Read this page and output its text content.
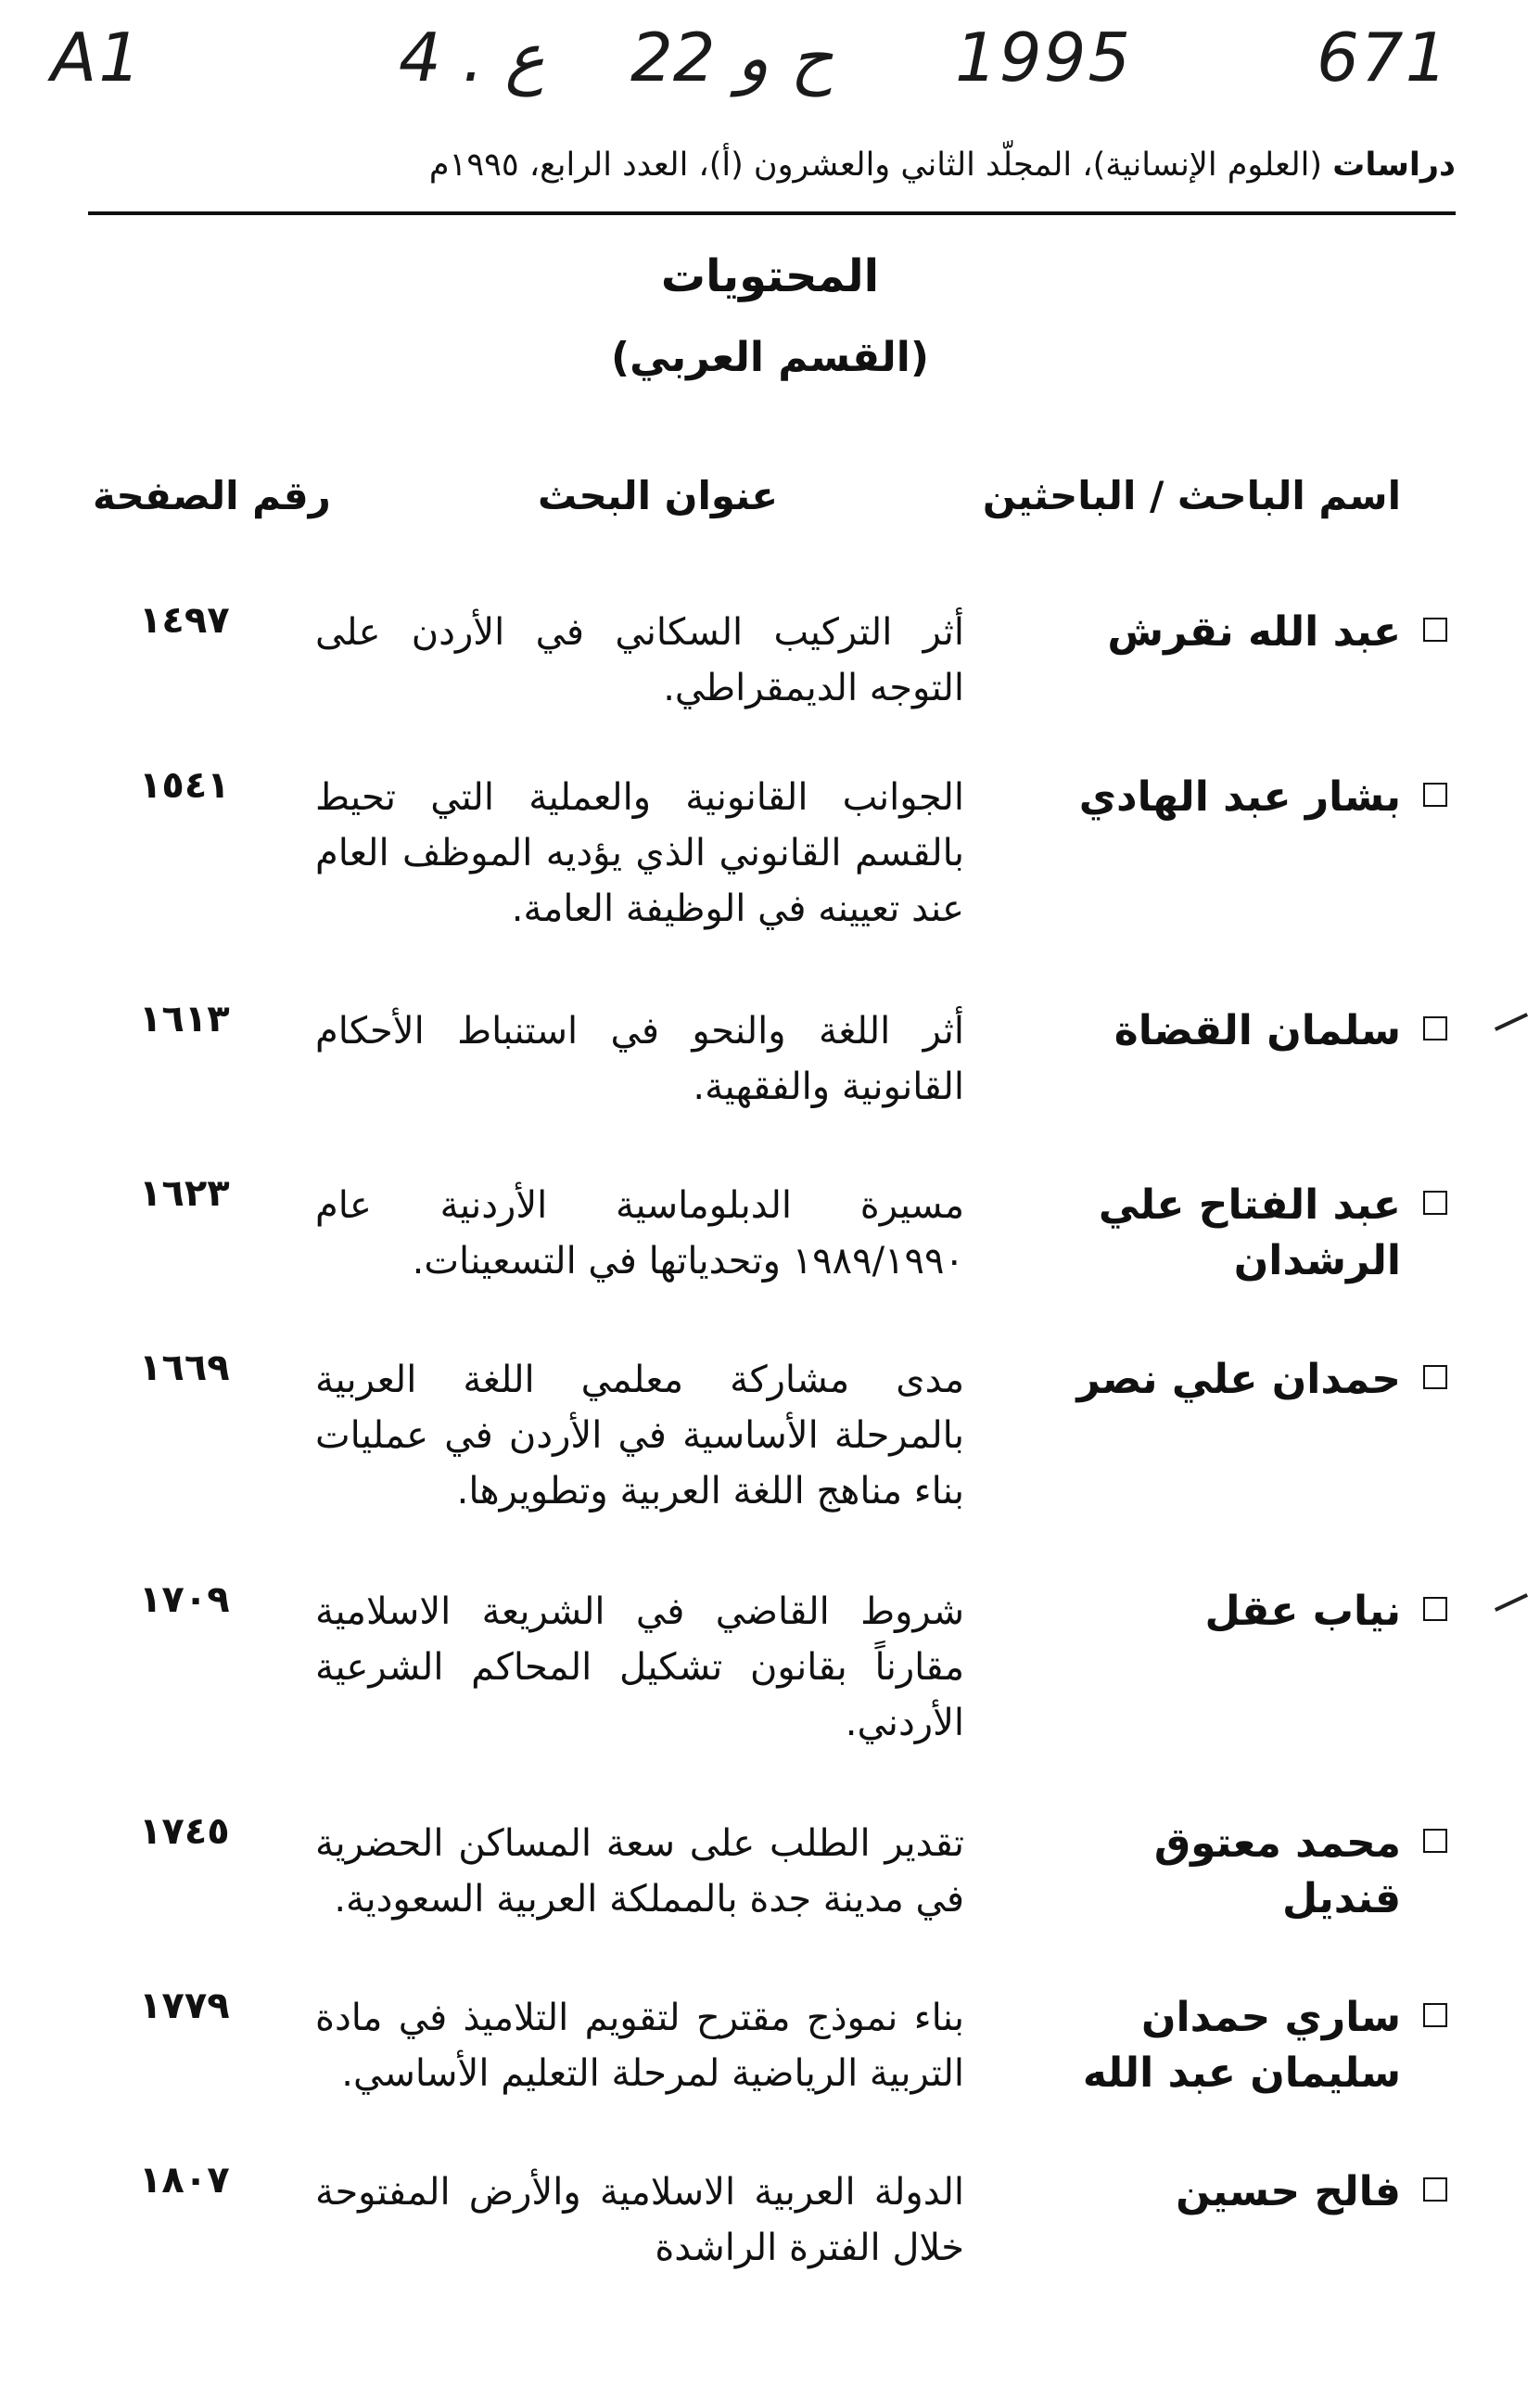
A1	4 . ع 22 ح و 1995	671
دراسات (العلوم الإنسانية)، المجلّد الثاني والعشرون (أ)، العدد الرابع، ١٩٩٥م
المحتويات
(القسم العربي)
اسم الباحث / الباحثين
عنوان البحث
رقم الصفحة
عبد الله نقرش
أثر التركيب السكاني في الأردن على التوجه الديمقراطي.
١٤٩٧
بشار عبد الهادي
الجوانب القانونية والعملية التي تحيط بالقسم القانوني الذي يؤديه الموظف العام عند تعيينه في الوظيفة العامة.
١٥٤١
سلمان القضاة
أثر اللغة والنحو في استنباط الأحكام القانونية والفقهية.
١٦١٣
عبد الفتاح علي الرشدان
مسيرة الدبلوماسية الأردنية عام ١٩٨٩/١٩٩٠ وتحدياتها في التسعينات.
١٦٢٣
حمدان علي نصر
مدى مشاركة معلمي اللغة العربية بالمرحلة الأساسية في الأردن في عمليات بناء مناهج اللغة العربية وتطويرها.
١٦٦٩
نياب عقل
شروط القاضي في الشريعة الاسلامية مقارناً بقانون تشكيل المحاكم الشرعية الأردني.
١٧٠٩
محمد معتوق قنديل
تقدير الطلب على سعة المساكن الحضرية في مدينة جدة بالمملكة العربية السعودية.
١٧٤٥
ساري حمدان سليمان عبد الله
بناء نموذج مقترح لتقويم التلاميذ في مادة التربية الرياضية لمرحلة التعليم الأساسي.
١٧٧٩
فالح حسين
الدولة العربية الاسلامية والأرض المفتوحة خلال الفترة الراشدة
١٨٠٧
